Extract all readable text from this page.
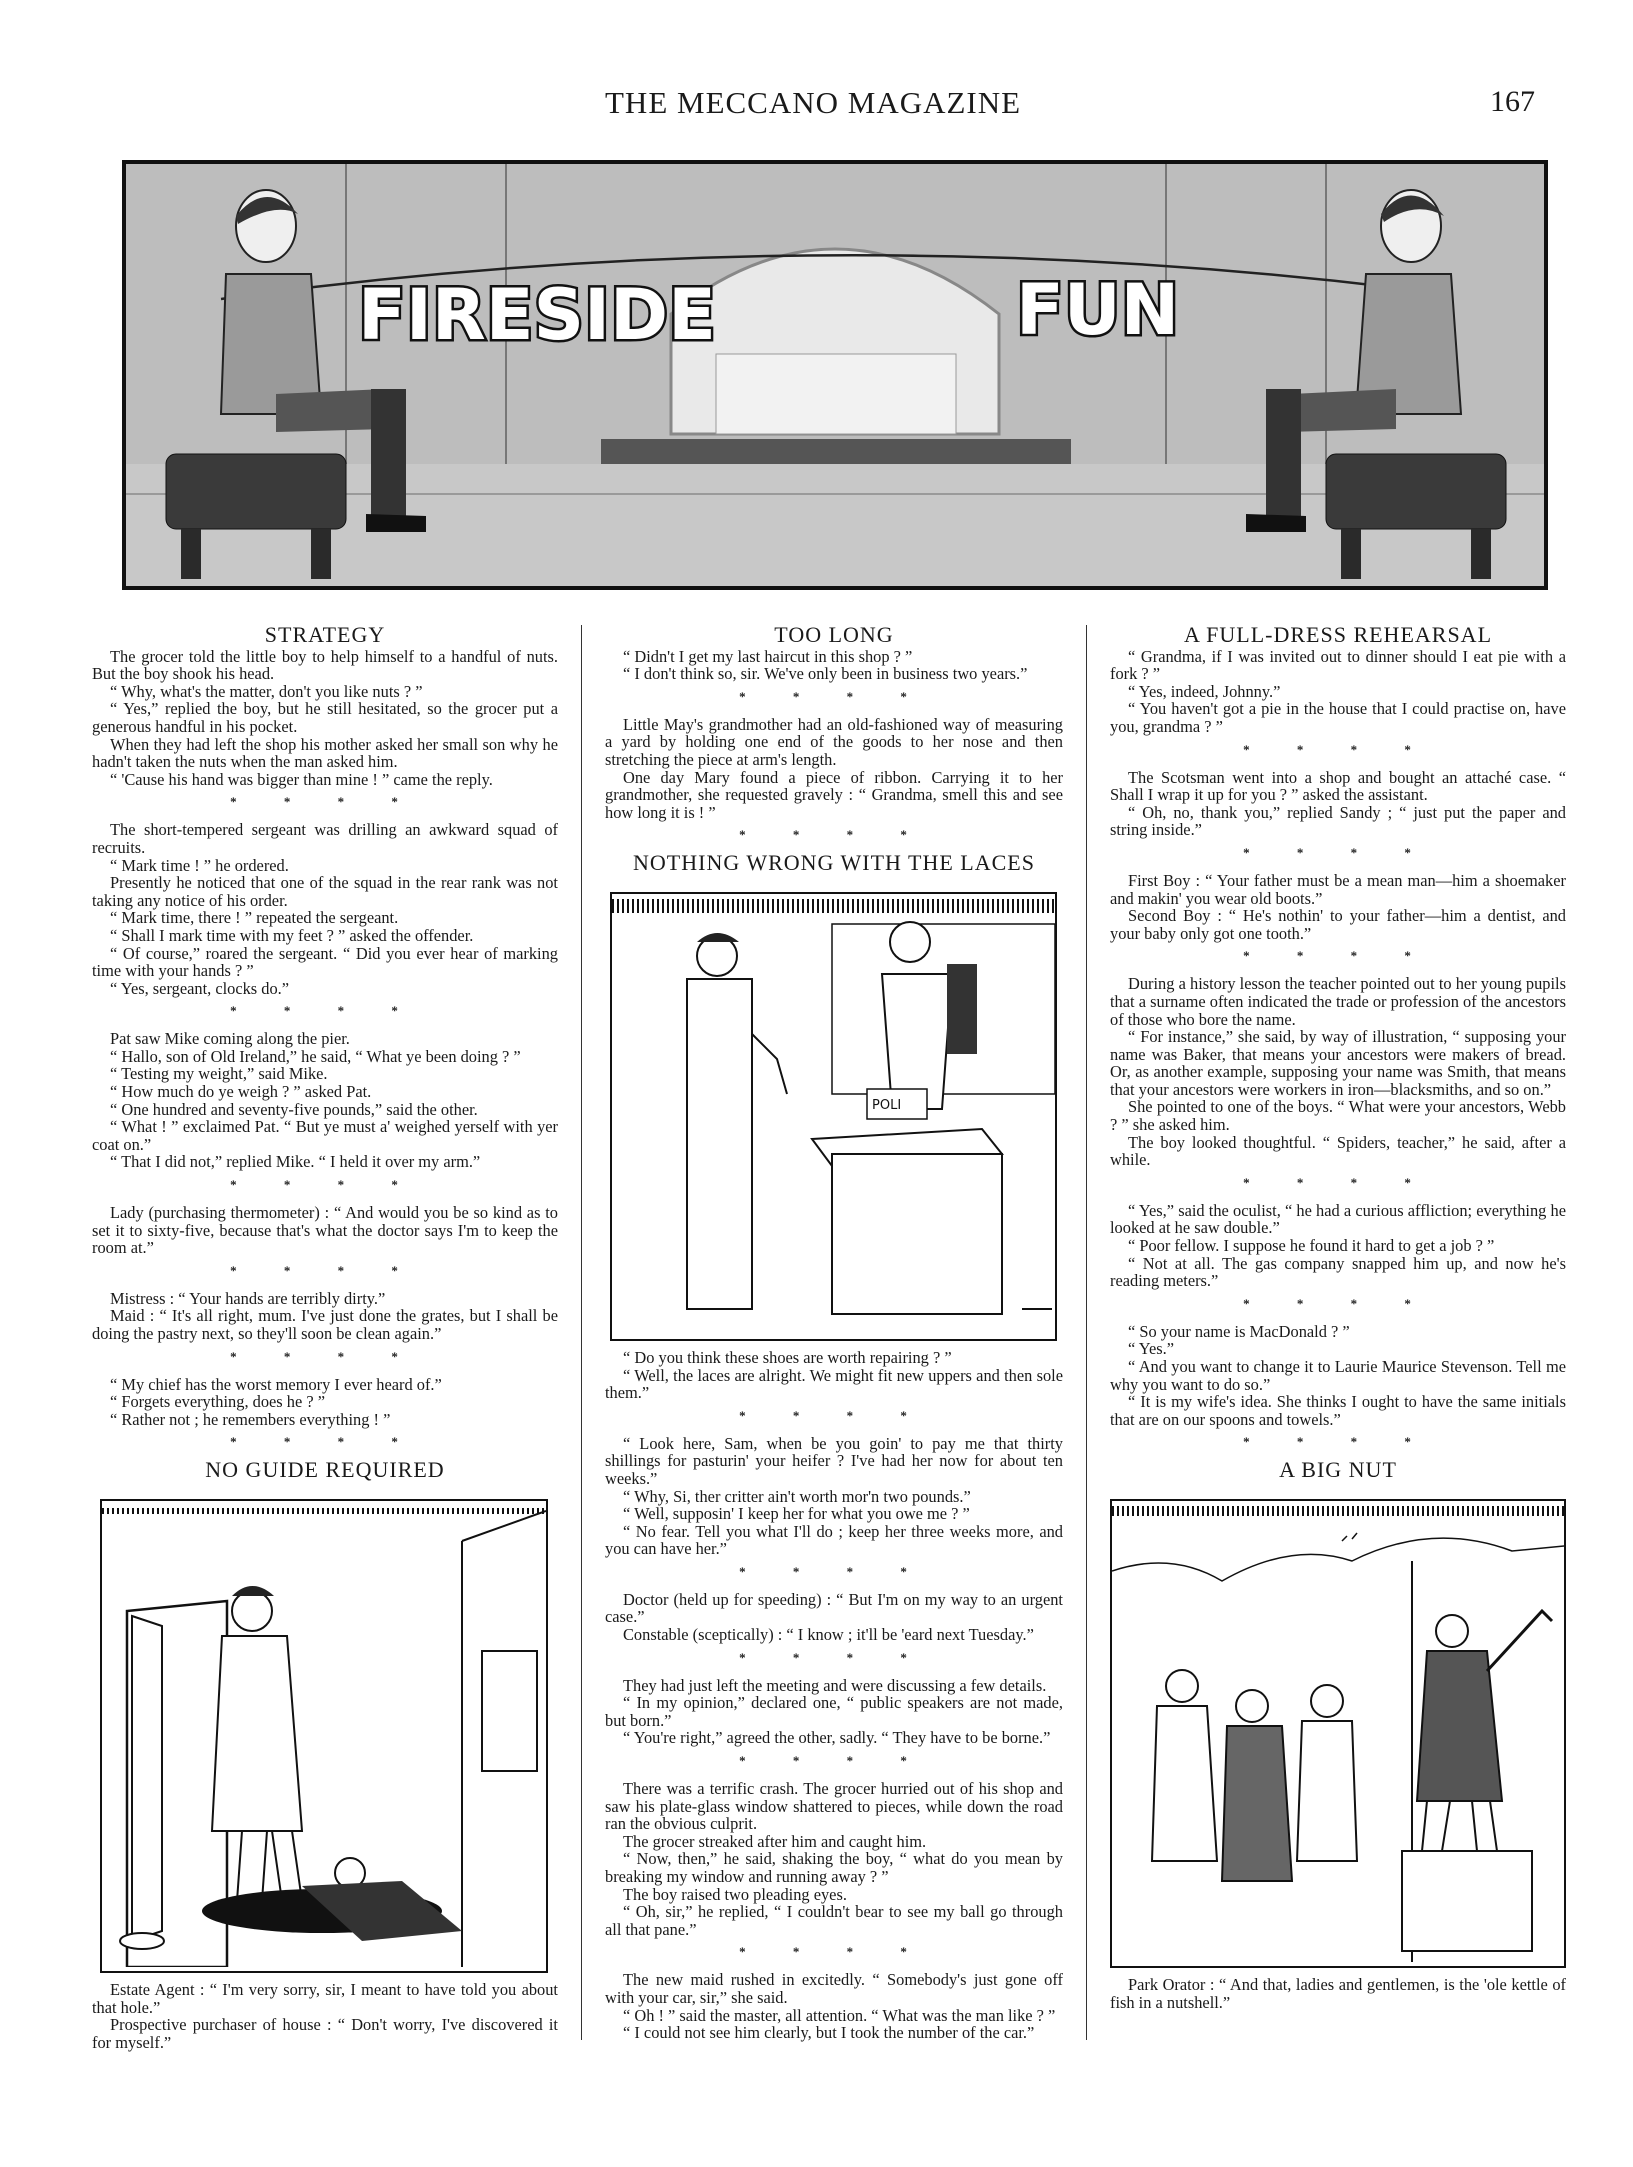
THE MECCANO MAGAZINE	167
FIRESIDE	FUN
STRATEGY

The grocer told the little boy to help himself to a handful of nuts. But the boy shook his head.

“ Why, what's the matter, don't you like nuts ? ”

“ Yes,” replied the boy, but he still hesitated, so the grocer put a generous handful in his pocket.

When they had left the shop his mother asked her small son why he hadn't taken the nuts when the man asked him.

“ 'Cause his hand was bigger than mine ! ” came the reply.

* * * *

The short-tempered sergeant was drilling an awkward squad of recruits.

“ Mark time ! ” he ordered.

Presently he noticed that one of the squad in the rear rank was not taking any notice of his order.

“ Mark time, there ! ” repeated the sergeant.

“ Shall I mark time with my feet ? ” asked the offender.

“ Of course,” roared the sergeant. “ Did you ever hear of marking time with your hands ? ”

“ Yes, sergeant, clocks do.”

* * * *

Pat saw Mike coming along the pier.

“ Hallo, son of Old Ireland,” he said, “ What ye been doing ? ”

“ Testing my weight,” said Mike.

“ How much do ye weigh ? ” asked Pat.

“ One hundred and seventy-five pounds,” said the other.

“ What ! ” exclaimed Pat. “ But ye must a' weighed yerself with yer coat on.”

“ That I did not,” replied Mike. “ I held it over my arm.”

* * * *

Lady (purchasing thermometer) : “ And would you be so kind as to set it to sixty-five, because that's what the doctor says I'm to keep the room at.”

* * * *

Mistress : “ Your hands are terribly dirty.”

Maid : “ It's all right, mum. I've just done the grates, but I shall be doing the pastry next, so they'll soon be clean again.”

* * * *

“ My chief has the worst memory I ever heard of.”

“ Forgets everything, does he ? ”

“ Rather not ; he remembers everything ! ”

* * * *
NO GUIDE REQUIRED

Estate Agent : “ I'm very sorry, sir, I meant to have told you about that hole.”

Prospective purchaser of house : “ Don't worry, I've discovered it for myself.”

TOO LONG

“ Didn't I get my last haircut in this shop ? ”

“ I don't think so, sir. We've only been in business two years.”

* * * *

Little May's grandmother had an old-fashioned way of measuring a yard by holding one end of the goods to her nose and then stretching the piece at arm's length.

One day Mary found a piece of ribbon. Carrying it to her grandmother, she requested gravely : “ Grandma, smell this and see how long it is ! ”

* * * *
NOTHING WRONG WITH THE LACES
POLI

“ Do you think these shoes are worth repairing ? ”

“ Well, the laces are alright. We might fit new uppers and then sole them.”

* * * *

“ Look here, Sam, when be you goin' to pay me that thirty shillings for pasturin' your heifer ? I've had her now for about ten weeks.”

“ Why, Si, ther critter ain't worth mor'n two pounds.”

“ Well, supposin' I keep her for what you owe me ? ”

“ No fear. Tell you what I'll do ; keep her three weeks more, and you can have her.”

* * * *

Doctor (held up for speeding) : “ But I'm on my way to an urgent case.”

Constable (sceptically) : “ I know ; it'll be 'eard next Tuesday.”

* * * *

They had just left the meeting and were discussing a few details.

“ In my opinion,” declared one, “ public speakers are not made, but born.”

“ You're right,” agreed the other, sadly. “ They have to be borne.”

* * * *

There was a terrific crash. The grocer hurried out of his shop and saw his plate-glass window shattered to pieces, while down the road ran the obvious culprit.

The grocer streaked after him and caught him.

“ Now, then,” he said, shaking the boy, “ what do you mean by breaking my window and running away ? ”

The boy raised two pleading eyes.

“ Oh, sir,” he replied, “ I couldn't bear to see my ball go through all that pane.”

* * * *

The new maid rushed in excitedly. “ Somebody's just gone off with your car, sir,” she said.

“ Oh ! ” said the master, all attention. “ What was the man like ? ”

“ I could not see him clearly, but I took the number of the car.”

A FULL-DRESS REHEARSAL

“ Grandma, if I was invited out to dinner should I eat pie with a fork ? ”

“ Yes, indeed, Johnny.”

“ You haven't got a pie in the house that I could practise on, have you, grandma ? ”

* * * *

The Scotsman went into a shop and bought an attaché case. “ Shall I wrap it up for you ? ” asked the assistant.

“ Oh, no, thank you,” replied Sandy ; “ just put the paper and string inside.”

* * * *

First Boy : “ Your father must be a mean man—him a shoemaker and makin' you wear old boots.”

Second Boy : “ He's nothin' to your father—him a dentist, and your baby only got one tooth.”

* * * *

During a history lesson the teacher pointed out to her young pupils that a surname often indicated the trade or profession of the ancestors of those who bore the name.

“ For instance,” she said, by way of illustration, “ supposing your name was Baker, that means your ancestors were makers of bread. Or, as another example, supposing your name was Smith, that means that your ancestors were workers in iron—blacksmiths, and so on.”

She pointed to one of the boys. “ What were your ancestors, Webb ? ” she asked him.

The boy looked thoughtful. “ Spiders, teacher,” he said, after a while.

* * * *

“ Yes,” said the oculist, “ he had a curious affliction; everything he looked at he saw double.”

“ Poor fellow. I suppose he found it hard to get a job ? ”

“ Not at all. The gas company snapped him up, and now he's reading meters.”

* * * *

“ So your name is MacDonald ? ”

“ Yes.”

“ And you want to change it to Laurie Maurice Stevenson. Tell me why you want to do so.”

“ It is my wife's idea. She thinks I ought to have the same initials that are on our spoons and towels.”

* * * *
A BIG NUT

Park Orator : “ And that, ladies and gentlemen, is the 'ole kettle of fish in a nutshell.”
